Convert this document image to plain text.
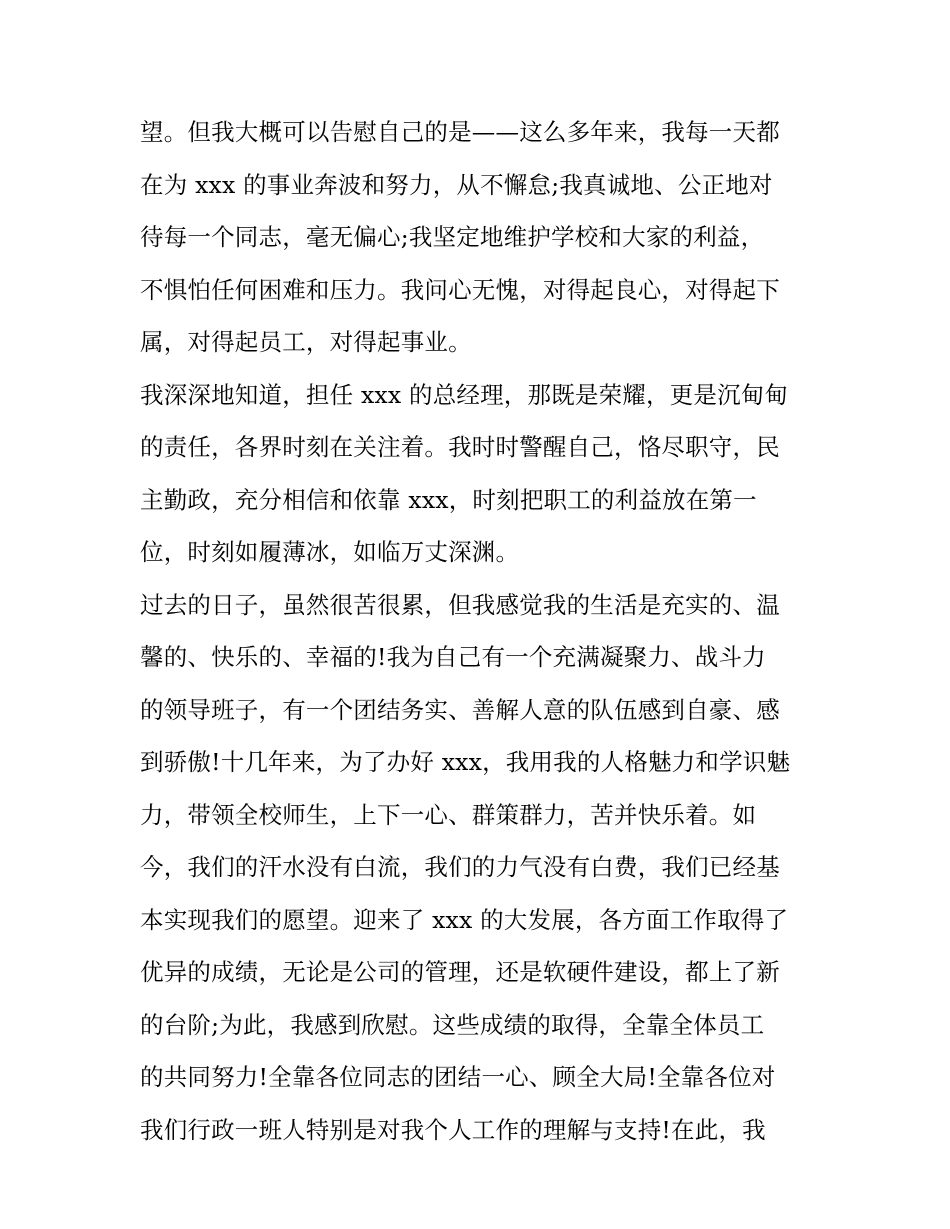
望。但我大概可以告慰自己的是——这么多年来，我每一天都
在为 xxx 的事业奔波和努力，从不懈怠;我真诚地、公正地对
待每一个同志，毫无偏心;我坚定地维护学校和大家的利益，
不惧怕任何困难和压力。我问心无愧，对得起良心，对得起下
属，对得起员工，对得起事业。
我深深地知道，担任 xxx 的总经理，那既是荣耀，更是沉甸甸
的责任，各界时刻在关注着。我时时警醒自己，恪尽职守，民
主勤政，充分相信和依靠 xxx，时刻把职工的利益放在第一
位，时刻如履薄冰，如临万丈深渊。
过去的日子，虽然很苦很累，但我感觉我的生活是充实的、温
馨的、快乐的、幸福的!我为自己有一个充满凝聚力、战斗力
的领导班子，有一个团结务实、善解人意的队伍感到自豪、感
到骄傲!十几年来，为了办好 xxx，我用我的人格魅力和学识魅
力，带领全校师生，上下一心、群策群力，苦并快乐着。如
今，我们的汗水没有白流，我们的力气没有白费，我们已经基
本实现我们的愿望。迎来了 xxx 的大发展，各方面工作取得了
优异的成绩，无论是公司的管理，还是软硬件建设，都上了新
的台阶;为此，我感到欣慰。这些成绩的取得，全靠全体员工
的共同努力!全靠各位同志的团结一心、顾全大局!全靠各位对
我们行政一班人特别是对我个人工作的理解与支持!在此，我
